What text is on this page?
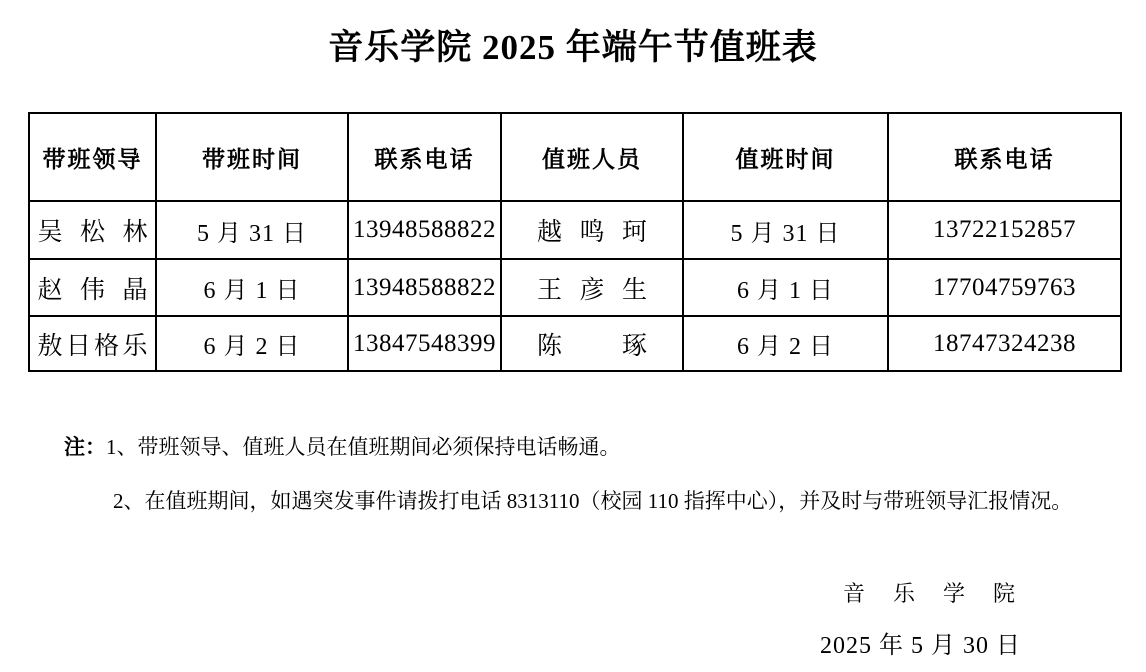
音乐学院 2025 年端午节值班表
带班领导	带班时间	联系电话	值班人员	值班时间	联系电话
吴松林	5 月 31 日	13948588822	越鸣珂	5 月 31 日	13722152857
赵伟晶	6 月 1 日	13948588822	王彦生	6 月 1 日	17704759763
敖日格乐	6 月 2 日	13847548399	陈琢	6 月 2 日	18747324238
注：1、带班领导、值班人员在值班期间必须保持电话畅通。
2、在值班期间，如遇突发事件请拨打电话 8313110（校园 110 指挥中心），并及时与带班领导汇报情况。
音　乐　学　院
2025 年 5 月 30 日
